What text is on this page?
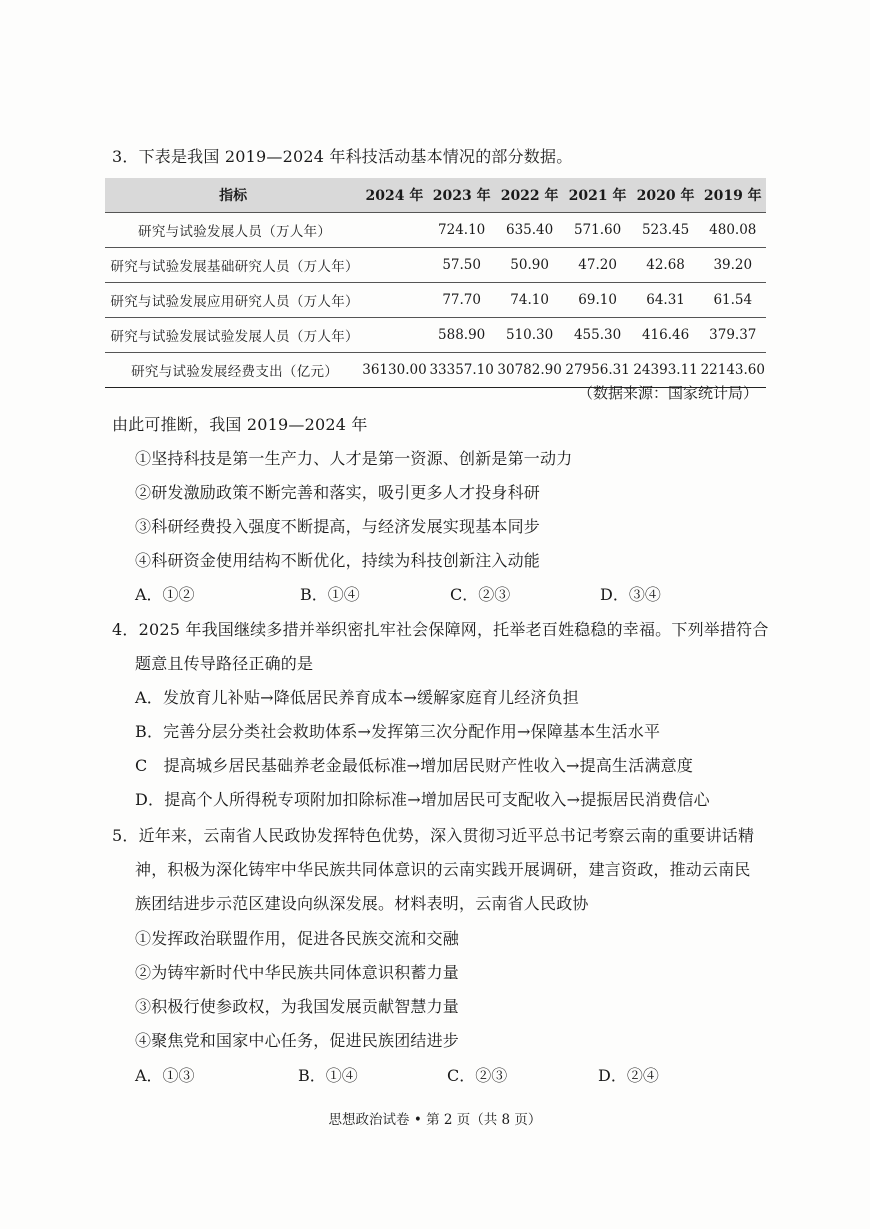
3．下表是我国 2019—2024 年科技活动基本情况的部分数据。
指标	2024 年	2023 年	2022 年	2021 年	2020 年	2019 年
研究与试验发展人员（万人年）		724.10	635.40	571.60	523.45	480.08
研究与试验发展基础研究人员（万人年）		57.50	50.90	47.20	42.68	39.20
研究与试验发展应用研究人员（万人年）		77.70	74.10	69.10	64.31	61.54
研究与试验发展试验发展人员（万人年）		588.90	510.30	455.30	416.46	379.37
研究与试验发展经费支出（亿元）	36130.00	33357.10	30782.90	27956.31	24393.11	22143.60
（数据来源：国家统计局）
由此可推断，我国 2019—2024 年
①坚持科技是第一生产力、人才是第一资源、创新是第一动力
②研发激励政策不断完善和落实，吸引更多人才投身科研
③科研经费投入强度不断提高，与经济发展实现基本同步
④科研资金使用结构不断优化，持续为科技创新注入动能
A．①②	B．①④	C．②③	D．③④
4．2025 年我国继续多措并举织密扎牢社会保障网，托举老百姓稳稳的幸福。下列举措符合
题意且传导路径正确的是
A．发放育儿补贴→降低居民养育成本→缓解家庭育儿经济负担
B．完善分层分类社会救助体系→发挥第三次分配作用→保障基本生活水平
C　提高城乡居民基础养老金最低标准→增加居民财产性收入→提高生活满意度
D．提高个人所得税专项附加扣除标准→增加居民可支配收入→提振居民消费信心
5．近年来，云南省人民政协发挥特色优势，深入贯彻习近平总书记考察云南的重要讲话精
神，积极为深化铸牢中华民族共同体意识的云南实践开展调研，建言资政，推动云南民
族团结进步示范区建设向纵深发展。材料表明，云南省人民政协
①发挥政治联盟作用，促进各民族交流和交融
②为铸牢新时代中华民族共同体意识积蓄力量
③积极行使参政权，为我国发展贡献智慧力量
④聚焦党和国家中心任务，促进民族团结进步
A．①③	B．①④	C．②③	D．②④
思想政治试卷 • 第 2 页（共 8 页）
